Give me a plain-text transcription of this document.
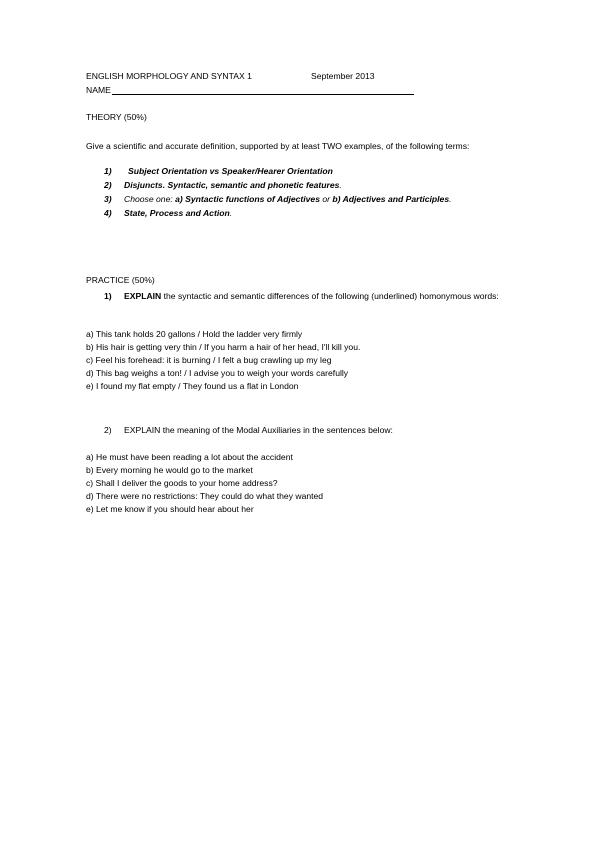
ENGLISH MORPHOLOGY AND SYNTAX 1	September 2013
NAME
THEORY (50%)
Give a scientific and accurate definition, supported by at least TWO examples, of the following terms:
1)	Subject Orientation vs Speaker/Hearer Orientation
2)	Disjuncts . Syntactic, semantic and phonetic features .
3)	Choose one: a) Syntactic functions of Adjectives or b) Adjectives and Participles .
4)	State, Process and Action .
PRACTICE (50%)
1)	EXPLAIN the syntactic and semantic differences of the following (underlined) homonymous words:
a) This tank holds 20 gallons / Hold the ladder very firmly
b) His hair is getting very thin / If you harm a hair of her head, I'll kill you.
c) Feel his forehead: it is burning / I felt a bug crawling up my leg
d) This bag weighs a ton! / I advise you to weigh your words carefully
e) I found my flat empty / They found us a flat in London
2)	EXPLAIN the meaning of the Modal Auxiliaries in the sentences below:
a) He must have been reading a lot about the accident
b) Every morning he would go to the market
c) Shall I deliver the goods to your home address?
d) There were no restrictions: They could do what they wanted
e) Let me know if you should hear about her
